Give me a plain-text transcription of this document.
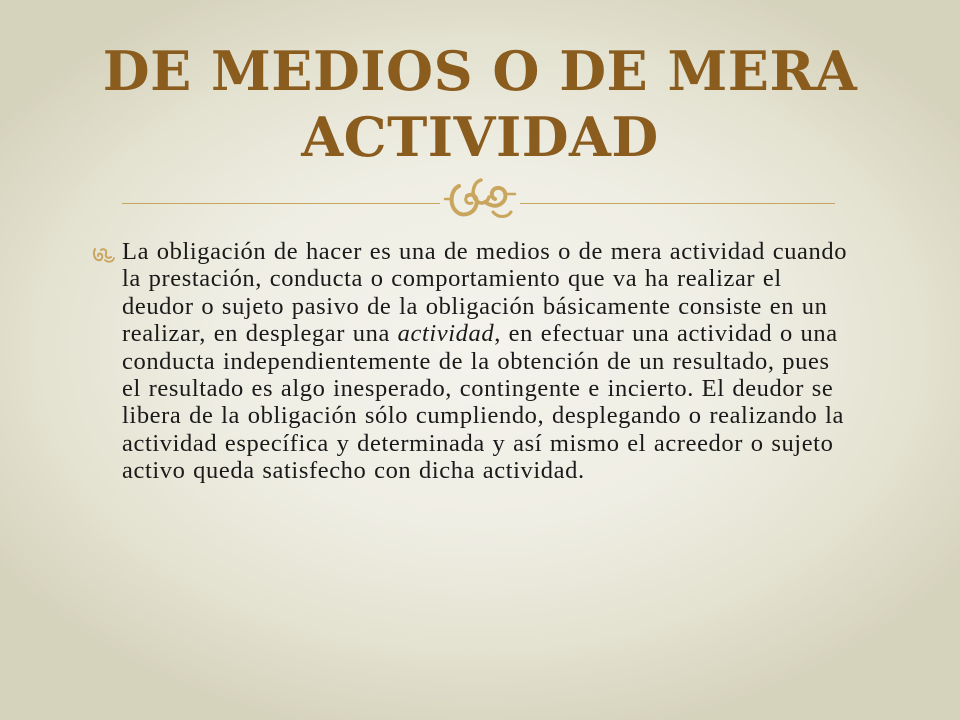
DE MEDIOS O DE MERA ACTIVIDAD

La obligación de hacer es una de medios o de mera actividad cuando la prestación, conducta o comportamiento que va ha realizar el deudor o sujeto pasivo de la obligación básicamente consiste en un realizar, en desplegar una actividad, en efectuar una actividad o una conducta independientemente de la obtención de un resultado, pues el resultado es algo inesperado, contingente e incierto. El deudor se libera de la obligación sólo cumpliendo, desplegando o realizando la actividad específica y determinada y así mismo el acreedor o sujeto activo queda satisfecho con dicha actividad.
